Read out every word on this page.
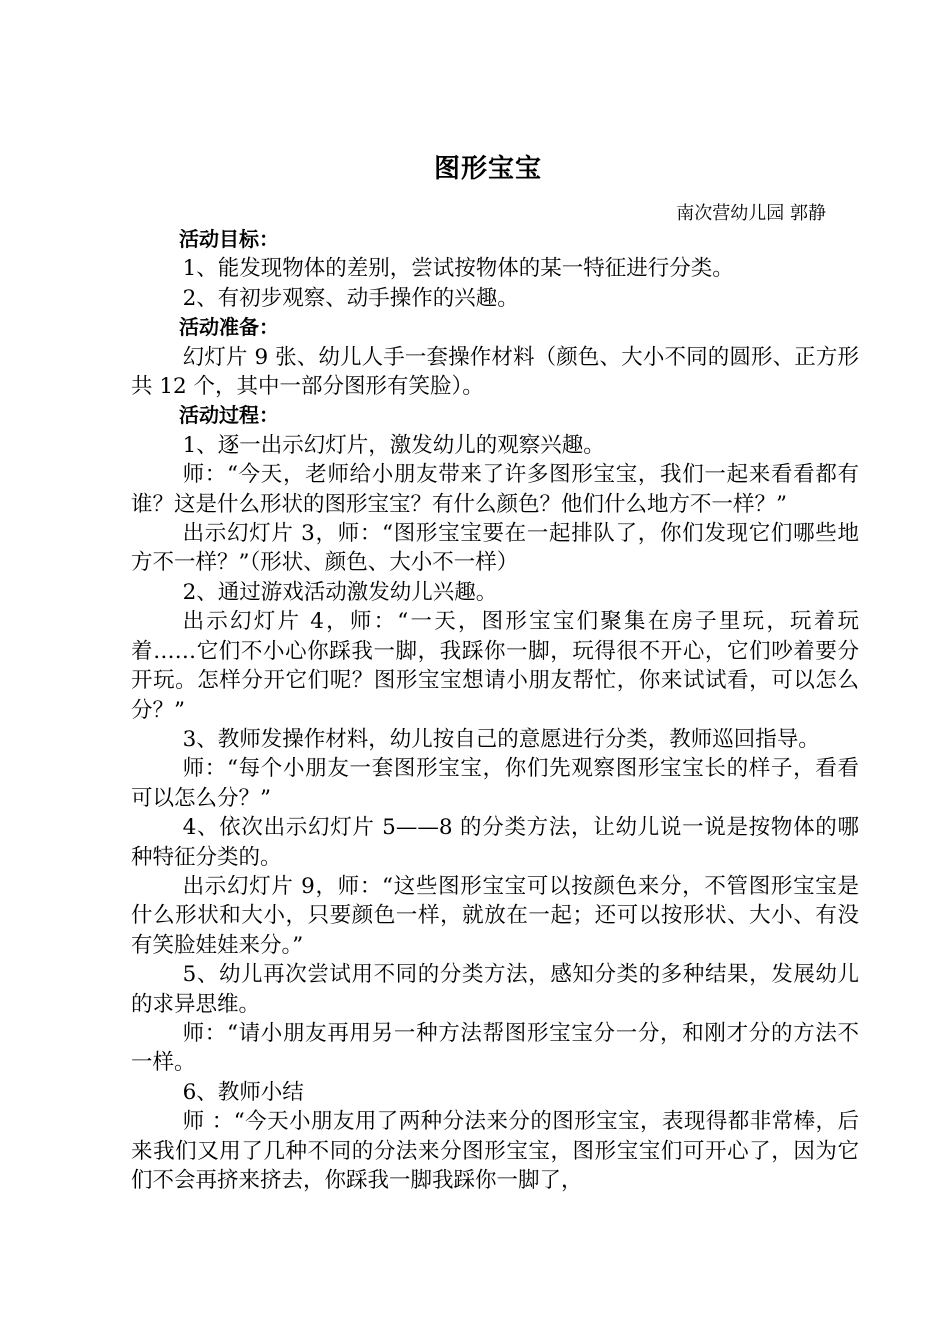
图形宝宝
南次营幼儿园 郭静

活动目标：

1、能发现物体的差别，尝试按物体的某一特征进行分类。

2、有初步观察、动手操作的兴趣。

活动准备：

幻灯片 9 张、幼儿人手一套操作材料（颜色、大小不同的圆形、正方形共 12 个，其中一部分图形有笑脸）。

活动过程：

1、逐一出示幻灯片，激发幼儿的观察兴趣。

师：“今天，老师给小朋友带来了许多图形宝宝，我们一起来看看都有谁？这是什么形状的图形宝宝？有什么颜色？他们什么地方不一样？”

出示幻灯片 3，师：“图形宝宝要在一起排队了，你们发现它们哪些地方不一样？”（形状、颜色、大小不一样）

2、通过游戏活动激发幼儿兴趣。

出示幻灯片 4，师：“一天，图形宝宝们聚集在房子里玩，玩着玩着……它们不小心你踩我一脚，我踩你一脚，玩得很不开心，它们吵着要分开玩。怎样分开它们呢？图形宝宝想请小朋友帮忙，你来试试看，可以怎么分？”

3、教师发操作材料，幼儿按自己的意愿进行分类，教师巡回指导。

师：“每个小朋友一套图形宝宝，你们先观察图形宝宝长的样子，看看可以怎么分？”

4、依次出示幻灯片 5——8 的分类方法，让幼儿说一说是按物体的哪种特征分类的。

出示幻灯片 9，师：“这些图形宝宝可以按颜色来分，不管图形宝宝是什么形状和大小，只要颜色一样，就放在一起；还可以按形状、大小、有没有笑脸娃娃来分。”

5、幼儿再次尝试用不同的分类方法，感知分类的多种结果，发展幼儿的求异思维。

师：“请小朋友再用另一种方法帮图形宝宝分一分，和刚才分的方法不一样。

6、教师小结

师 ：“今天小朋友用了两种分法来分的图形宝宝，表现得都非常棒，后来我们又用了几种不同的分法来分图形宝宝，图形宝宝们可开心了，因为它们不会再挤来挤去，你踩我一脚我踩你一脚了，
